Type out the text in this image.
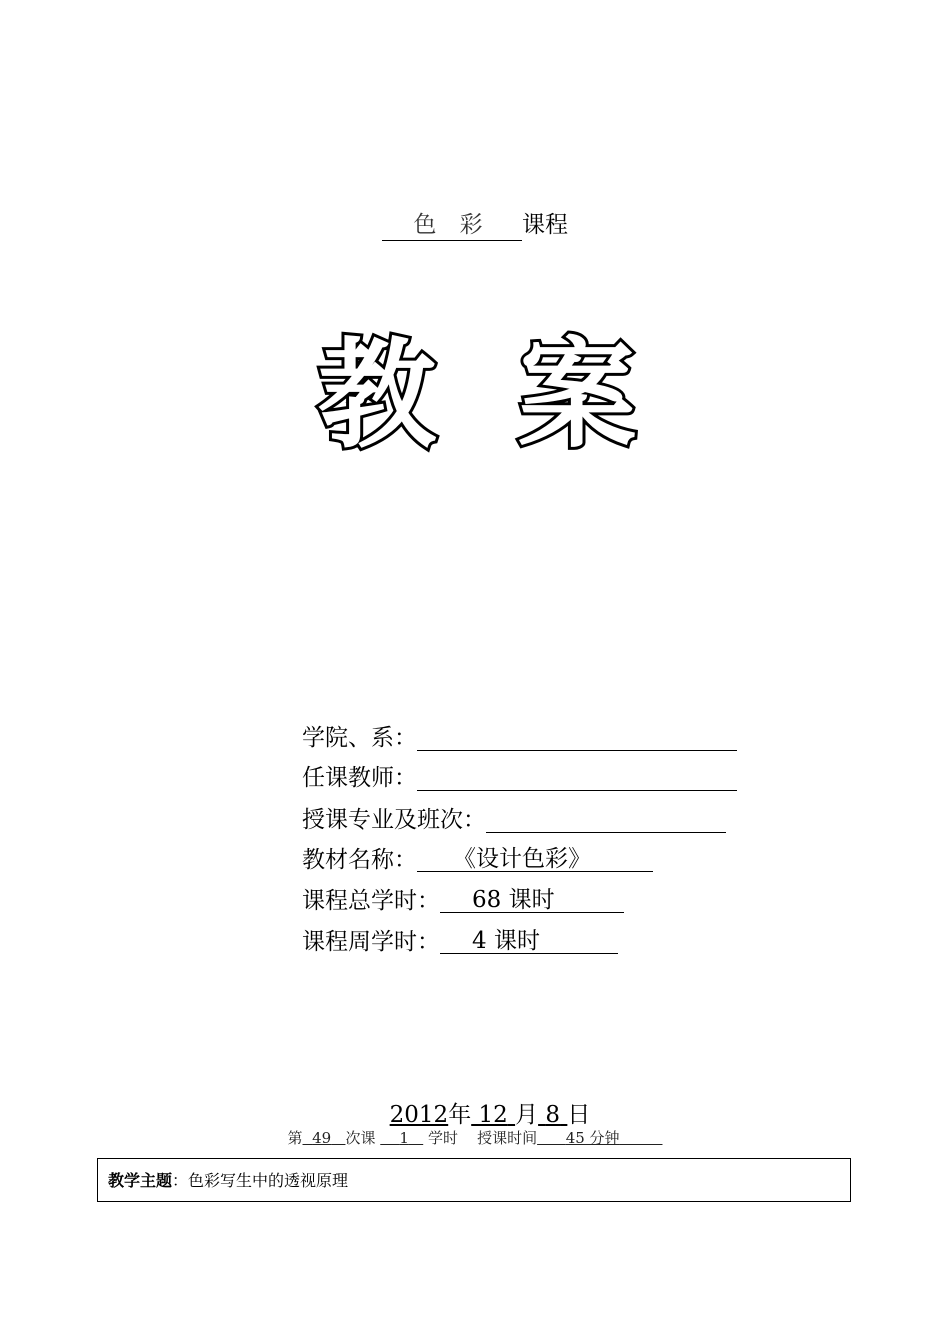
色 彩 课程
教 案
学院、系：
任课教师：
授课专业及班次：
教材名称： 《设计色彩》
课程总学时： 68 课时
课程周学时： 4 课时
2012年 12 月 8 日
第 49 次课 1 学时 授课时间 45 分钟
教学主题：色彩写生中的透视原理
